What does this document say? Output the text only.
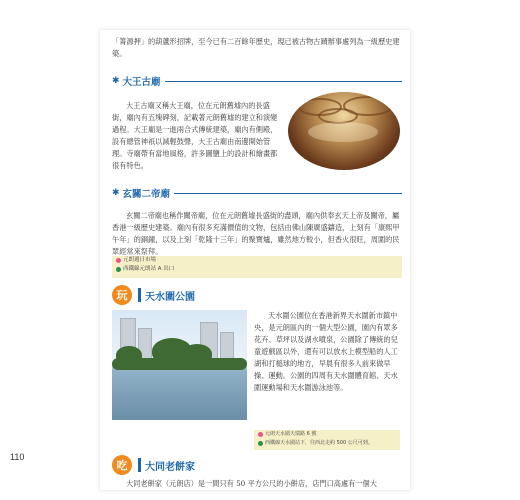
「箐源押」的葫蘆形招牌，至今已有二百餘年歷史，現已被古物古蹟辦事處列為一級歷史建築。

✱ 大王古廟

大王古廟又稱大王廟，位在元朗舊墟內的長盛街，廟內有五塊碑刻，記載著元朗舊墟的建立和演變過程。大王廟是一進兩合式傳統建築，廟內有側殿，設有總管神祇以減輕鼓聲，大王古廟由南邊開始管理。寺廟帶有當地風格，許多圖鹽上的設計和繪畫都很有特色。

✱ 玄關二帝廟

玄關二帝廟也稱作關帝廟，位在元朗舊墟長盛街的盡頭，廟內供奉玄天上帝及關帝，屬香港一級歷史建築。廟內有很多充滿價值的文物，包括由佛山陳廣盛鑄造，上刻有「康熙甲午年」的銅鐘，以及上刻「乾隆十三年」的聚寶爐，雖然地方較小，但香火很旺，周圍的民眾經常來祭拜。

元朗週日市場
西鐵線元朗站 A 出口
玩	天水圍公園

天水圍公園位在香港新界天水圍新市鎮中央，是元朗區內的一個大型公園，園內有眾多花卉、草坪以及湖水噴泉，公園除了傳統的兒童遊戲區以外，還有可以放水上模型船的人工湖和打槌球的地方，早晨有很多人前來做早操、運動。公園的四周有天水圍體育館、天水圍運動場和天水圍游泳池等。

元朗天水圍天瑞路 6 號
西鐵線天水圍站下，往西北走約 500 公尺可到。
吃	大同老餅家

大同老餅家（元朗店）是一間只有 50 平方公尺的小餅店，店門口高處有一個大

110
